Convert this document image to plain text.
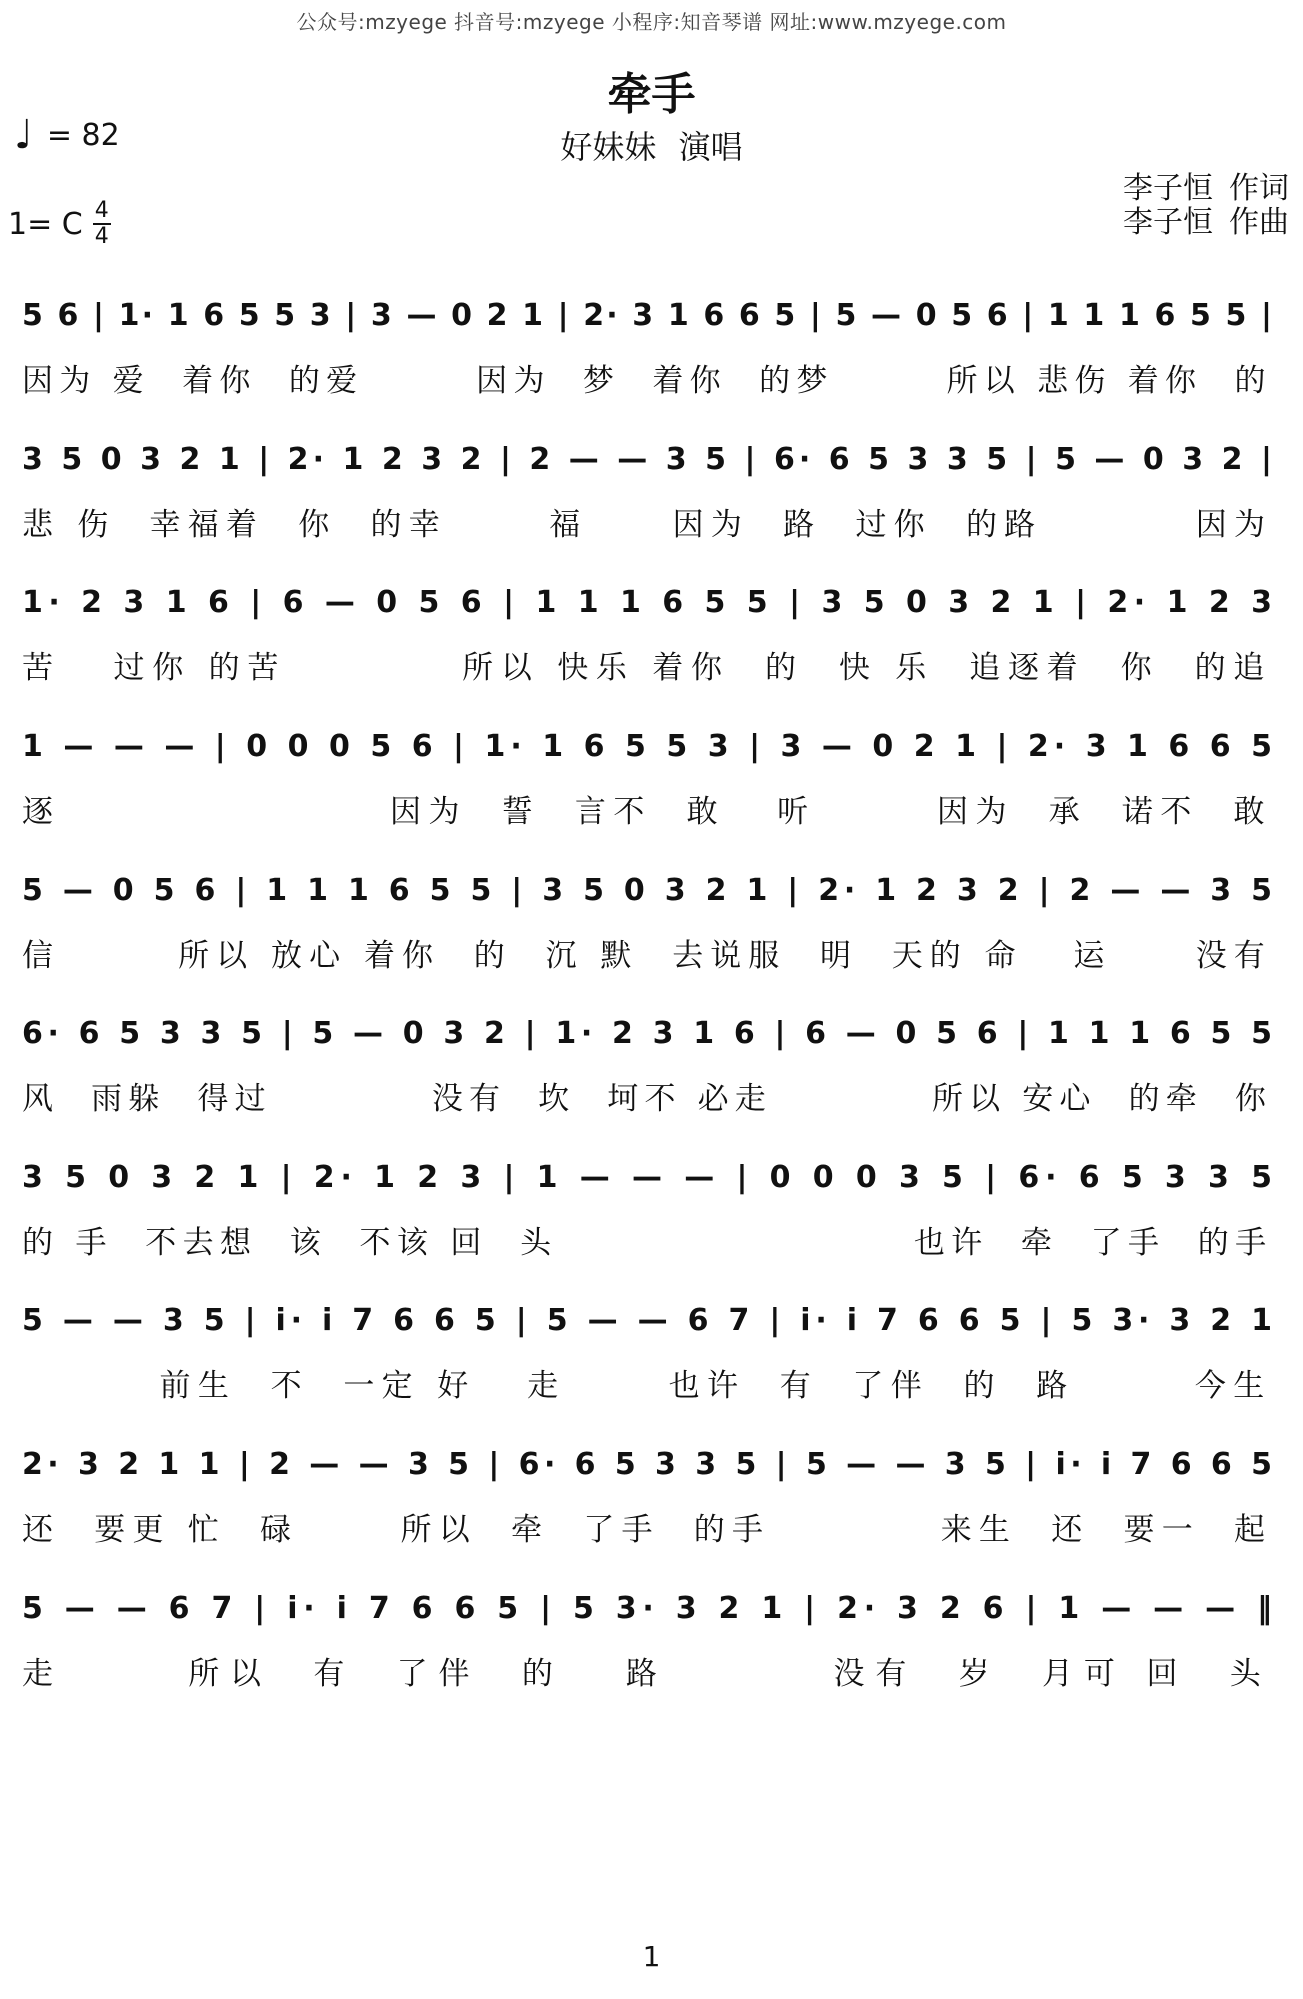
公众号:mzyege 抖音号:mzyege 小程序:知音琴谱 网址:www.mzyege.com
牵手
好妹妹 演唱
♩ = 82
1= C $\frac{4}{4}$
李子恒 作词
李子恒 作曲
5 6 | 1· 1 6 5 5 3 | 3 — 0 2 1 | 2· 3 1 6 6 5 | 5 — 0 5 6 | 1 1 1 6 5 5 |
因为 爱  着你  的爱       因为  梦  着你  的梦       所以 悲伤 着你  的
3 5 0 3 2 1 | 2· 1 2 3 2 | 2 — — 3 5 | 6· 6 5 3 3 5 | 5 — 0 3 2 |
悲 伤  幸福着  你  的幸      福     因为  路  过你  的路         因为
1· 2 3 1 6 | 6 — 0 5 6 | 1 1 1 6 5 5 | 3 5 0 3 2 1 | 2· 1 2 3
苦   过你 的苦          所以 快乐 着你  的  快 乐  追逐着  你  的追
1 — — — | 0 0 0 5 6 | 1· 1 6 5 5 3 | 3 — 0 2 1 | 2· 3 1 6 6 5
逐                   因为  誓  言不  敢   听       因为  承  诺不  敢
5 — 0 5 6 | 1 1 1 6 5 5 | 3 5 0 3 2 1 | 2· 1 2 3 2 | 2 — — 3 5
信       所以 放心 着你  的  沉 默  去说服  明  天的 命   运     没有
6· 6 5 3 3 5 | 5 — 0 3 2 | 1· 2 3 1 6 | 6 — 0 5 6 | 1 1 1 6 5 5
风  雨躲  得过          没有  坎  坷不 必走          所以 安心  的牵  你
3 5 0 3 2 1 | 2· 1 2 3 | 1 — — — | 0 0 0 3 5 | 6· 6 5 3 3 5
的 手  不去想  该  不该 回  头                      也许  牵  了手  的手
5 — — 3 5 | i· i 7 6 6 5 | 5 — — 6 7 | i· i 7 6 6 5 | 5 3· 3 2 1
前生  不  一定 好   走      也许  有  了伴  的  路       今生
2· 3 2 1 1 | 2 — — 3 5 | 6· 6 5 3 3 5 | 5 — — 3 5 | i· i 7 6 6 5
还  要更 忙  碌      所以  牵  了手  的手          来生  还  要一  起
5 — — 6 7 | i· i 7 6 6 5 | 5 3· 3 2 1 | 2· 3 2 6 | 1 — — — ‖
走      所以  有  了伴  的   路        没有  岁  月可 回  头
1
